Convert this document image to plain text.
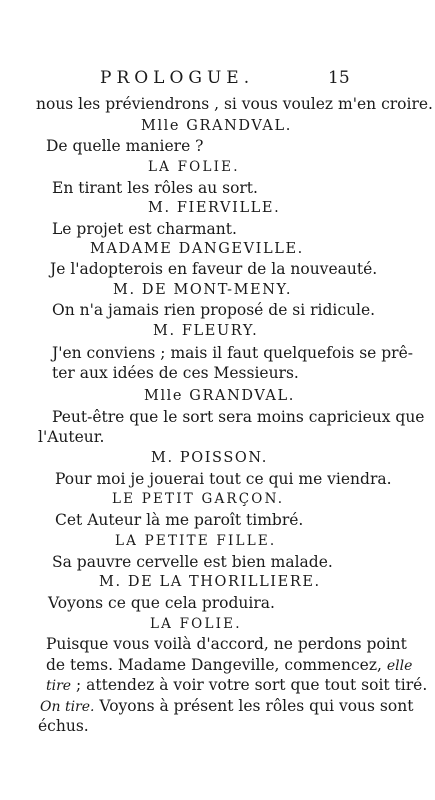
PROLOGUE.	15
nous les préviendrons , si vous voulez m'en croire.
Mlle GRANDVAL.
De quelle maniere ?
LA FOLIE.
En tirant les rôles au sort.
M. FIERVILLE.
Le projet est charmant.
MADAME DANGEVILLE.
Je l'adopterois en faveur de la nouveauté.
M. DE MONT-MENY.
On n'a jamais rien proposé de si ridicule.
M. FLEURY.
J'en conviens ; mais il faut quelquefois se prê-
ter aux idées de ces Messieurs.
Mlle GRANDVAL.
Peut-être que le sort sera moins capricieux que
l'Auteur.
M. POISSON.
Pour moi je jouerai tout ce qui me viendra.
LE PETIT GARÇON.
Cet Auteur là me paroît timbré.
LA PETITE FILLE.
Sa pauvre cervelle est bien malade.
M. DE LA THORILLIERE.
Voyons ce que cela produira.
LA FOLIE.
Puisque vous voilà d'accord, ne perdons point
de tems. Madame Dangeville, commencez, elle
tire ; attendez à voir votre sort que tout soit tiré.
On tire. Voyons à présent les rôles qui vous sont
échus.
